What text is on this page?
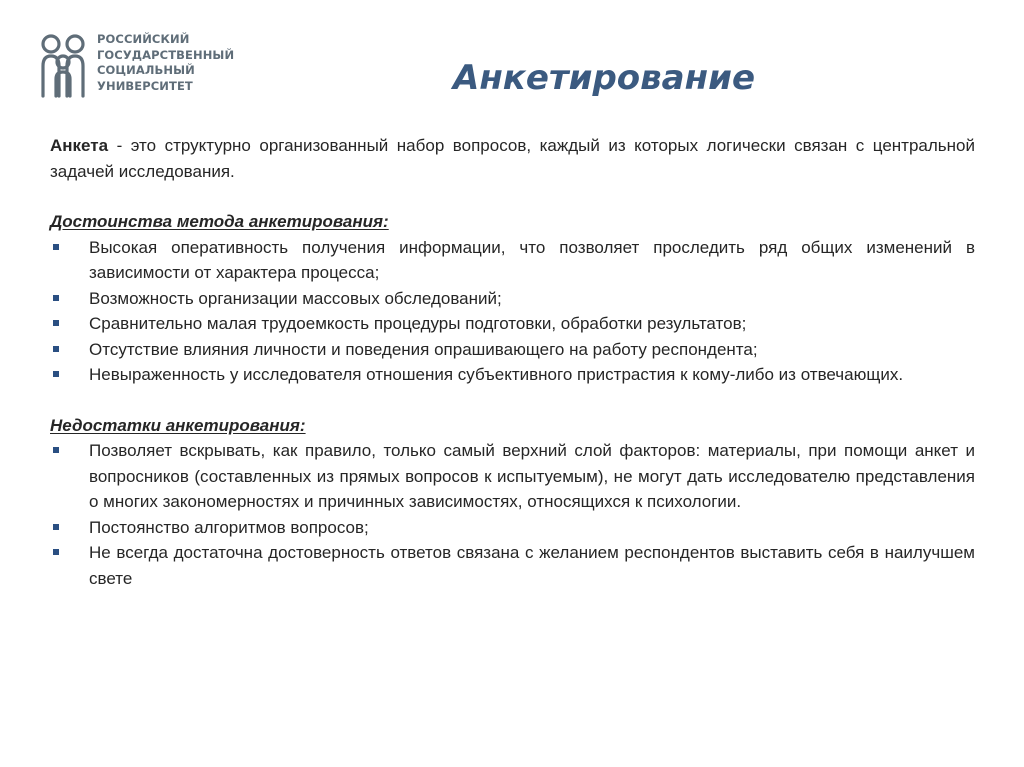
РОССИЙСКИЙ
ГОСУДАРСТВЕННЫЙ
СОЦИАЛЬНЫЙ
УНИВЕРСИТЕТ	Анкетирование

Анкета - это структурно организованный набор вопросов, каждый из которых логически связан с центральной задачей исследования.

Достоинства метода анкетирования:

Высокая оперативность получения информации, что позволяет проследить ряд общих изменений в зависимости от характера процесса;
Возможность организации массовых обследований;
Сравнительно малая трудоемкость процедуры подготовки, обработки результатов;
Отсутствие влияния личности и поведения опрашивающего на работу респондента;
Невыраженность у исследователя отношения субъективного пристрастия к кому-либо из отвечающих.

Недостатки анкетирования:

Позволяет вскрывать, как правило, только самый верхний слой факторов: материалы, при помощи анкет и вопросников (составленных из прямых вопросов к испытуемым), не могут дать исследователю представления о многих закономерностях и причинных зависимостях, относящихся к психологии.
Постоянство алгоритмов вопросов;
Не всегда достаточна достоверность ответов связана с желанием респондентов выставить себя в наилучшем свете
